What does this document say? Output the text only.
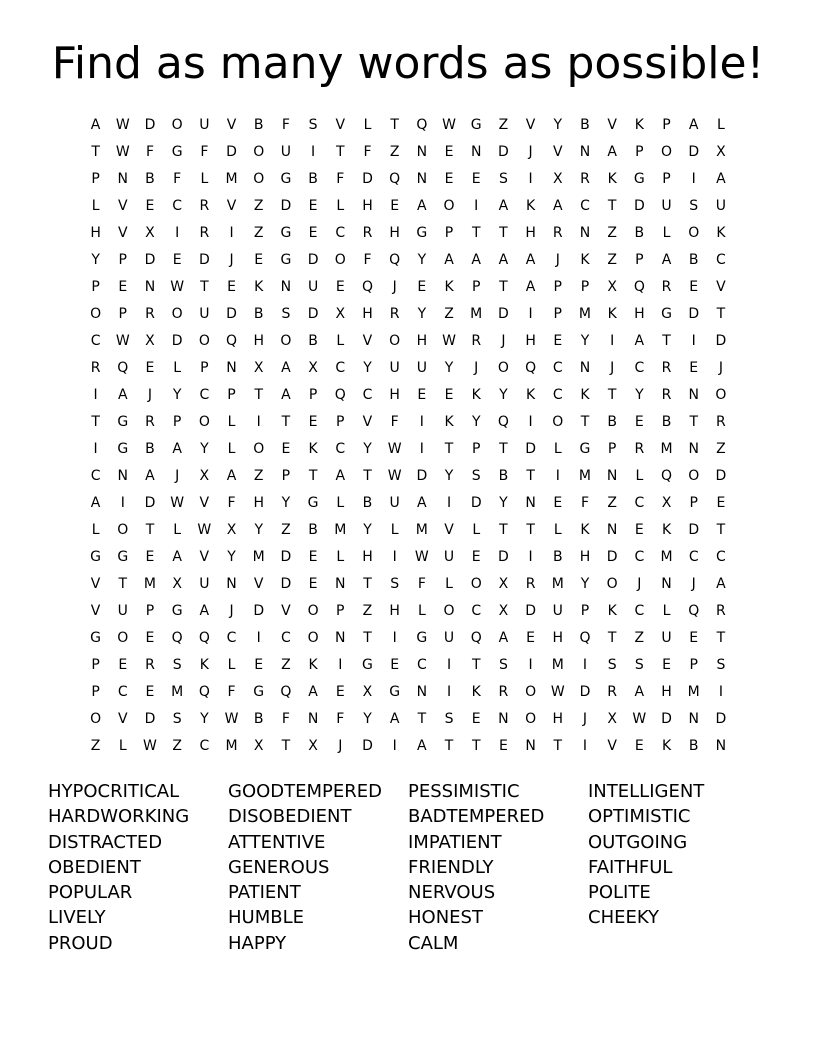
Find as many words as possible!
A	W	D	O	U	V	B	F	S	V	L	T	Q	W	G	Z	V	Y	B	V	K	P	A	L
T	W	F	G	F	D	O	U	I	T	F	Z	N	E	N	D	J	V	N	A	P	O	D	X
P	N	B	F	L	M	O	G	B	F	D	Q	N	E	E	S	I	X	R	K	G	P	I	A
L	V	E	C	R	V	Z	D	E	L	H	E	A	O	I	A	K	A	C	T	D	U	S	U
H	V	X	I	R	I	Z	G	E	C	R	H	G	P	T	T	H	R	N	Z	B	L	O	K
Y	P	D	E	D	J	E	G	D	O	F	Q	Y	A	A	A	A	J	K	Z	P	A	B	C
P	E	N	W	T	E	K	N	U	E	Q	J	E	K	P	T	A	P	P	X	Q	R	E	V
O	P	R	O	U	D	B	S	D	X	H	R	Y	Z	M	D	I	P	M	K	H	G	D	T
C	W	X	D	O	Q	H	O	B	L	V	O	H	W	R	J	H	E	Y	I	A	T	I	D
R	Q	E	L	P	N	X	A	X	C	Y	U	U	Y	J	O	Q	C	N	J	C	R	E	J
I	A	J	Y	C	P	T	A	P	Q	C	H	E	E	K	Y	K	C	K	T	Y	R	N	O
T	G	R	P	O	L	I	T	E	P	V	F	I	K	Y	Q	I	O	T	B	E	B	T	R
I	G	B	A	Y	L	O	E	K	C	Y	W	I	T	P	T	D	L	G	P	R	M	N	Z
C	N	A	J	X	A	Z	P	T	A	T	W	D	Y	S	B	T	I	M	N	L	Q	O	D
A	I	D	W	V	F	H	Y	G	L	B	U	A	I	D	Y	N	E	F	Z	C	X	P	E
L	O	T	L	W	X	Y	Z	B	M	Y	L	M	V	L	T	T	L	K	N	E	K	D	T
G	G	E	A	V	Y	M	D	E	L	H	I	W	U	E	D	I	B	H	D	C	M	C	C
V	T	M	X	U	N	V	D	E	N	T	S	F	L	O	X	R	M	Y	O	J	N	J	A
V	U	P	G	A	J	D	V	O	P	Z	H	L	O	C	X	D	U	P	K	C	L	Q	R
G	O	E	Q	Q	C	I	C	O	N	T	I	G	U	Q	A	E	H	Q	T	Z	U	E	T
P	E	R	S	K	L	E	Z	K	I	G	E	C	I	T	S	I	M	I	S	S	E	P	S
P	C	E	M	Q	F	G	Q	A	E	X	G	N	I	K	R	O	W	D	R	A	H	M	I
O	V	D	S	Y	W	B	F	N	F	Y	A	T	S	E	N	O	H	J	X	W	D	N	D
Z	L	W	Z	C	M	X	T	X	J	D	I	A	T	T	E	N	T	I	V	E	K	B	N
HYPOCRITICAL
HARDWORKING
DISTRACTED
OBEDIENT
POPULAR
LIVELY
PROUD
GOODTEMPERED
DISOBEDIENT
ATTENTIVE
GENEROUS
PATIENT
HUMBLE
HAPPY
PESSIMISTIC
BADTEMPERED
IMPATIENT
FRIENDLY
NERVOUS
HONEST
CALM
INTELLIGENT
OPTIMISTIC
OUTGOING
FAITHFUL
POLITE
CHEEKY
